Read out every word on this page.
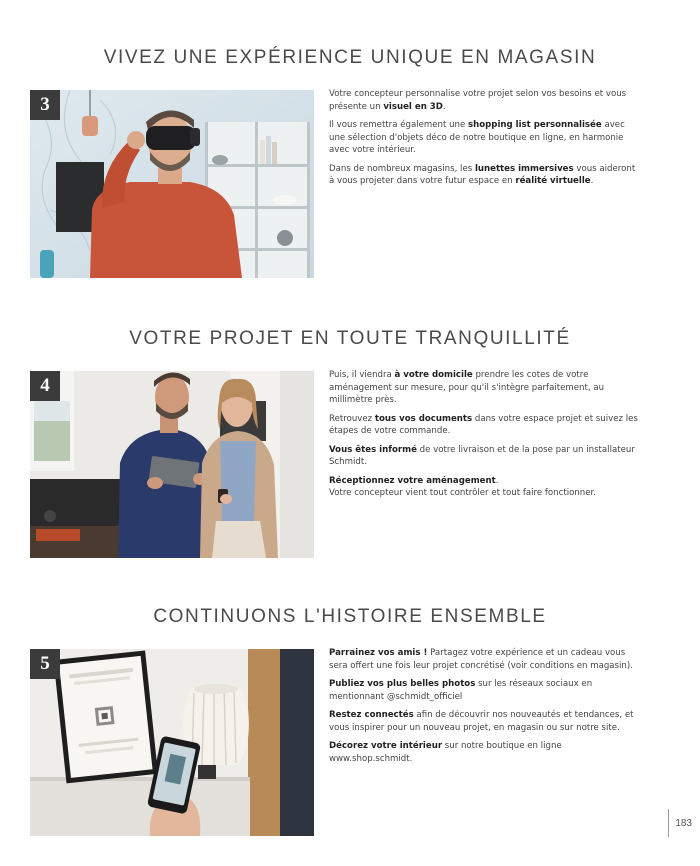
VIVEZ UNE EXPÉRIENCE UNIQUE EN MAGASIN
3	Votre concepteur personnalise votre projet selon vos besoins et vous présente un visuel en 3D.

Il vous remettra également une shopping list personnalisée avec une sélection d'objets déco de notre boutique en ligne, en harmonie avec votre intérieur.

Dans de nombreux magasins, les lunettes immersives vous aideront à vous projeter dans votre futur espace en réalité virtuelle.

VOTRE PROJET EN TOUTE TRANQUILLITÉ
4	Puis, il viendra à votre domicile prendre les cotes de votre aménagement sur mesure, pour qu'il s'intègre parfaitement, au millimètre près.

Retrouvez tous vos documents dans votre espace projet et suivez les étapes de votre commande.

Vous êtes informé de votre livraison et de la pose par un installateur Schmidt.

Réceptionnez votre aménagement.
Votre concepteur vient tout contrôler et tout faire fonctionner.

CONTINUONS L'HISTOIRE ENSEMBLE
5	Parrainez vos amis ! Partagez votre expérience et un cadeau vous sera offert une fois leur projet concrétisé (voir conditions en magasin).

Publiez vos plus belles photos sur les réseaux sociaux en mentionnant @schmidt_officiel

Restez connectés afin de découvrir nos nouveautés et tendances, et vous inspirer pour un nouveau projet, en magasin ou sur notre site.

Décorez votre intérieur sur notre boutique en ligne www.shop.schmidt.

183
